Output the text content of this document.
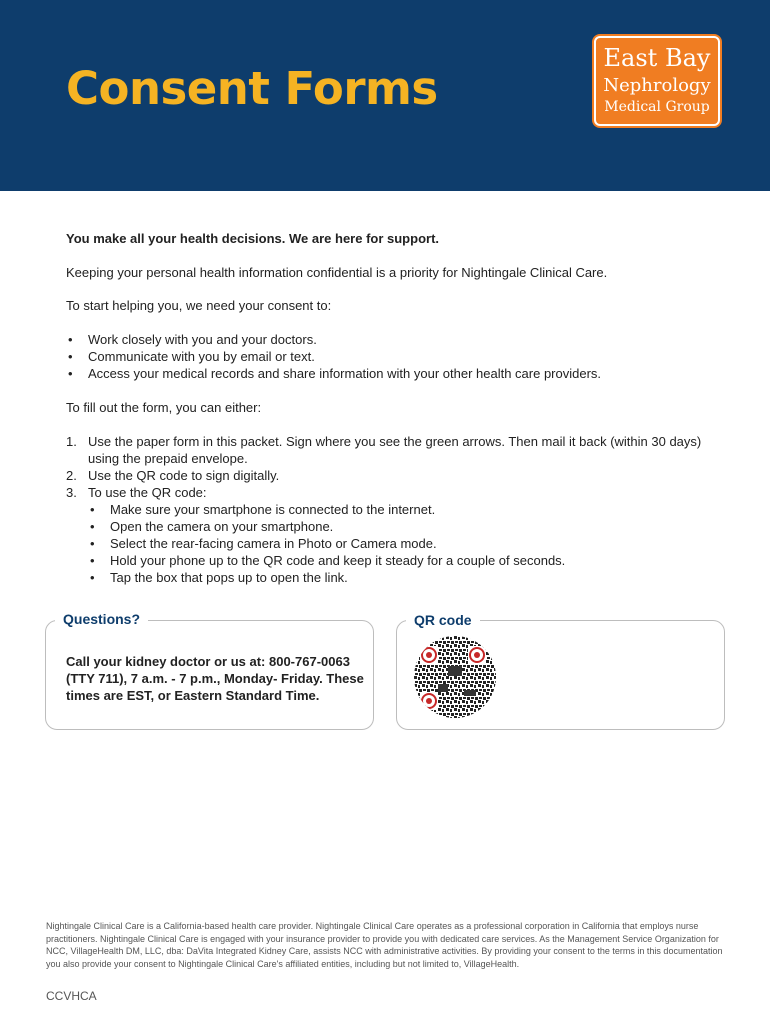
Consent Forms
East Bay
Nephrology
Medical Group

You make all your health decisions. We are here for support.

Keeping your personal health information confidential is a priority for Nightingale Clinical Care.

To start helping you, we need your consent to:

• Work closely with you and your doctors.
• Communicate with you by email or text.
• Access your medical records and share information with your other health care providers.

To fill out the form, you can either:

1. Use the paper form in this packet. Sign where you see the green arrows. Then mail it back (within 30 days) using the prepaid envelope.
2. Use the QR code to sign digitally.
3. To use the QR code:
• Make sure your smartphone is connected to the internet.
• Open the camera on your smartphone.
• Select the rear-facing camera in Photo or Camera mode.
• Hold your phone up to the QR code and keep it steady for a couple of seconds.
• Tap the box that pops up to open the link.
Questions?
Call your kidney doctor or us at: 800-767-0063 (TTY 711), 7 a.m. - 7 p.m., Monday- Friday. These times are EST, or Eastern Standard Time.
QR code
Nightingale Clinical Care is a California-based health care provider. Nightingale Clinical Care operates as a professional corporation in California that employs nurse practitioners. Nightingale Clinical Care is engaged with your insurance provider to provide you with dedicated care services. As the Management Service Organization for NCC, VillageHealth DM, LLC, dba: DaVita Integrated Kidney Care, assists NCC with administrative activities. By providing your consent to the terms in this documentation you also provide your consent to Nightingale Clinical Care's affiliated entities, including but not limited to, VillageHealth.
CCVHCA
